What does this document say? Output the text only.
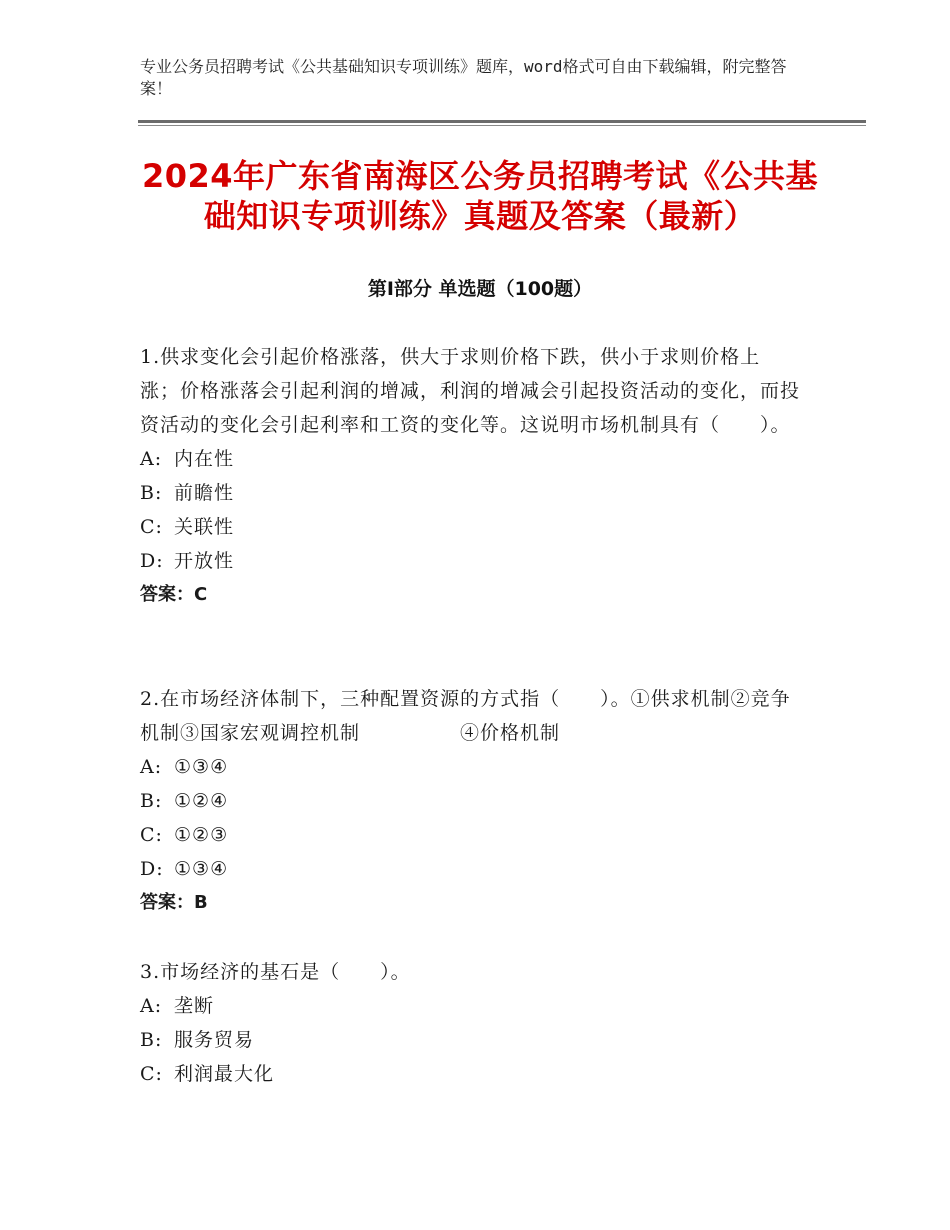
专业公务员招聘考试《公共基础知识专项训练》题库，word格式可自由下载编辑，附完整答案！
2024年广东省南海区公务员招聘考试《公共基础知识专项训练》真题及答案（最新）
第Ⅰ部分 单选题（100题）
1.供求变化会引起价格涨落，供大于求则价格下跌，供小于求则价格上涨；价格涨落会引起利润的增减，利润的增减会引起投资活动的变化，而投资活动的变化会引起利率和工资的变化等。这说明市场机制具有（　　）。
A: 内在性
B: 前瞻性
C: 关联性
D: 开放性
答案：C
2.在市场经济体制下，三种配置资源的方式指（　　）。①供求机制②竞争机制③国家宏观调控机制　　　　　④价格机制
A: ①③④
B: ①②④
C: ①②③
D: ①③④
答案：B
3.市场经济的基石是（　　）。
A: 垄断
B: 服务贸易
C: 利润最大化
